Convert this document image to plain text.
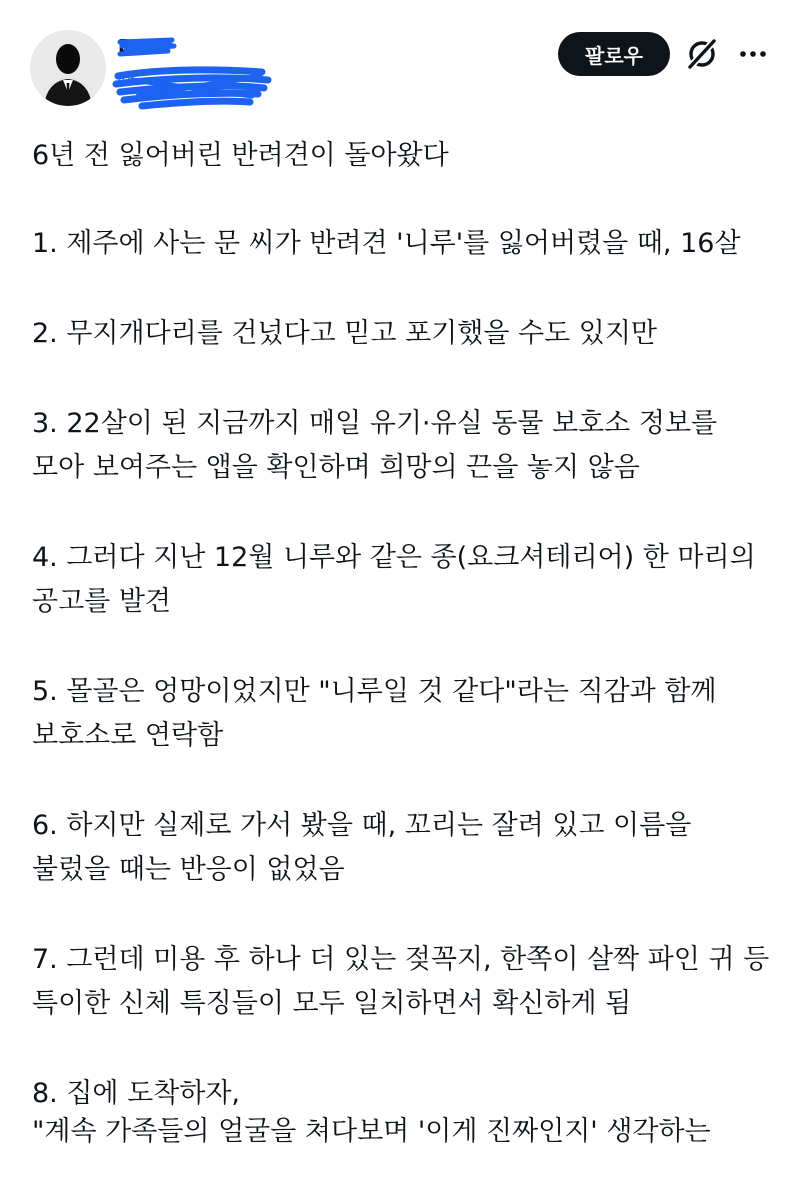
B
@
팔로우

6년 전 잃어버린 반려견이 돌아왔다

1. 제주에 사는 문 씨가 반려견 '니루'를 잃어버렸을 때, 16살

2. 무지개다리를 건넜다고 믿고 포기했을 수도 있지만

3. 22살이 된 지금까지 매일 유기·유실 동물 보호소 정보를 모아 보여주는 앱을 확인하며 희망의 끈을 놓지 않음

4. 그러다 지난 12월 니루와 같은 종(요크셔테리어) 한 마리의 공고를 발견

5. 몰골은 엉망이었지만 "니루일 것 같다"라는 직감과 함께 보호소로 연락함

6. 하지만 실제로 가서 봤을 때, 꼬리는 잘려 있고 이름을 불렀을 때는 반응이 없었음

7. 그런데 미용 후 하나 더 있는 젖꼭지, 한쪽이 살짝 파인 귀 등 특이한 신체 특징들이 모두 일치하면서 확신하게 됨

8. 집에 도착하자,

"계속 가족들의 얼굴을 쳐다보며 '이게 진짜인지' 생각하는
